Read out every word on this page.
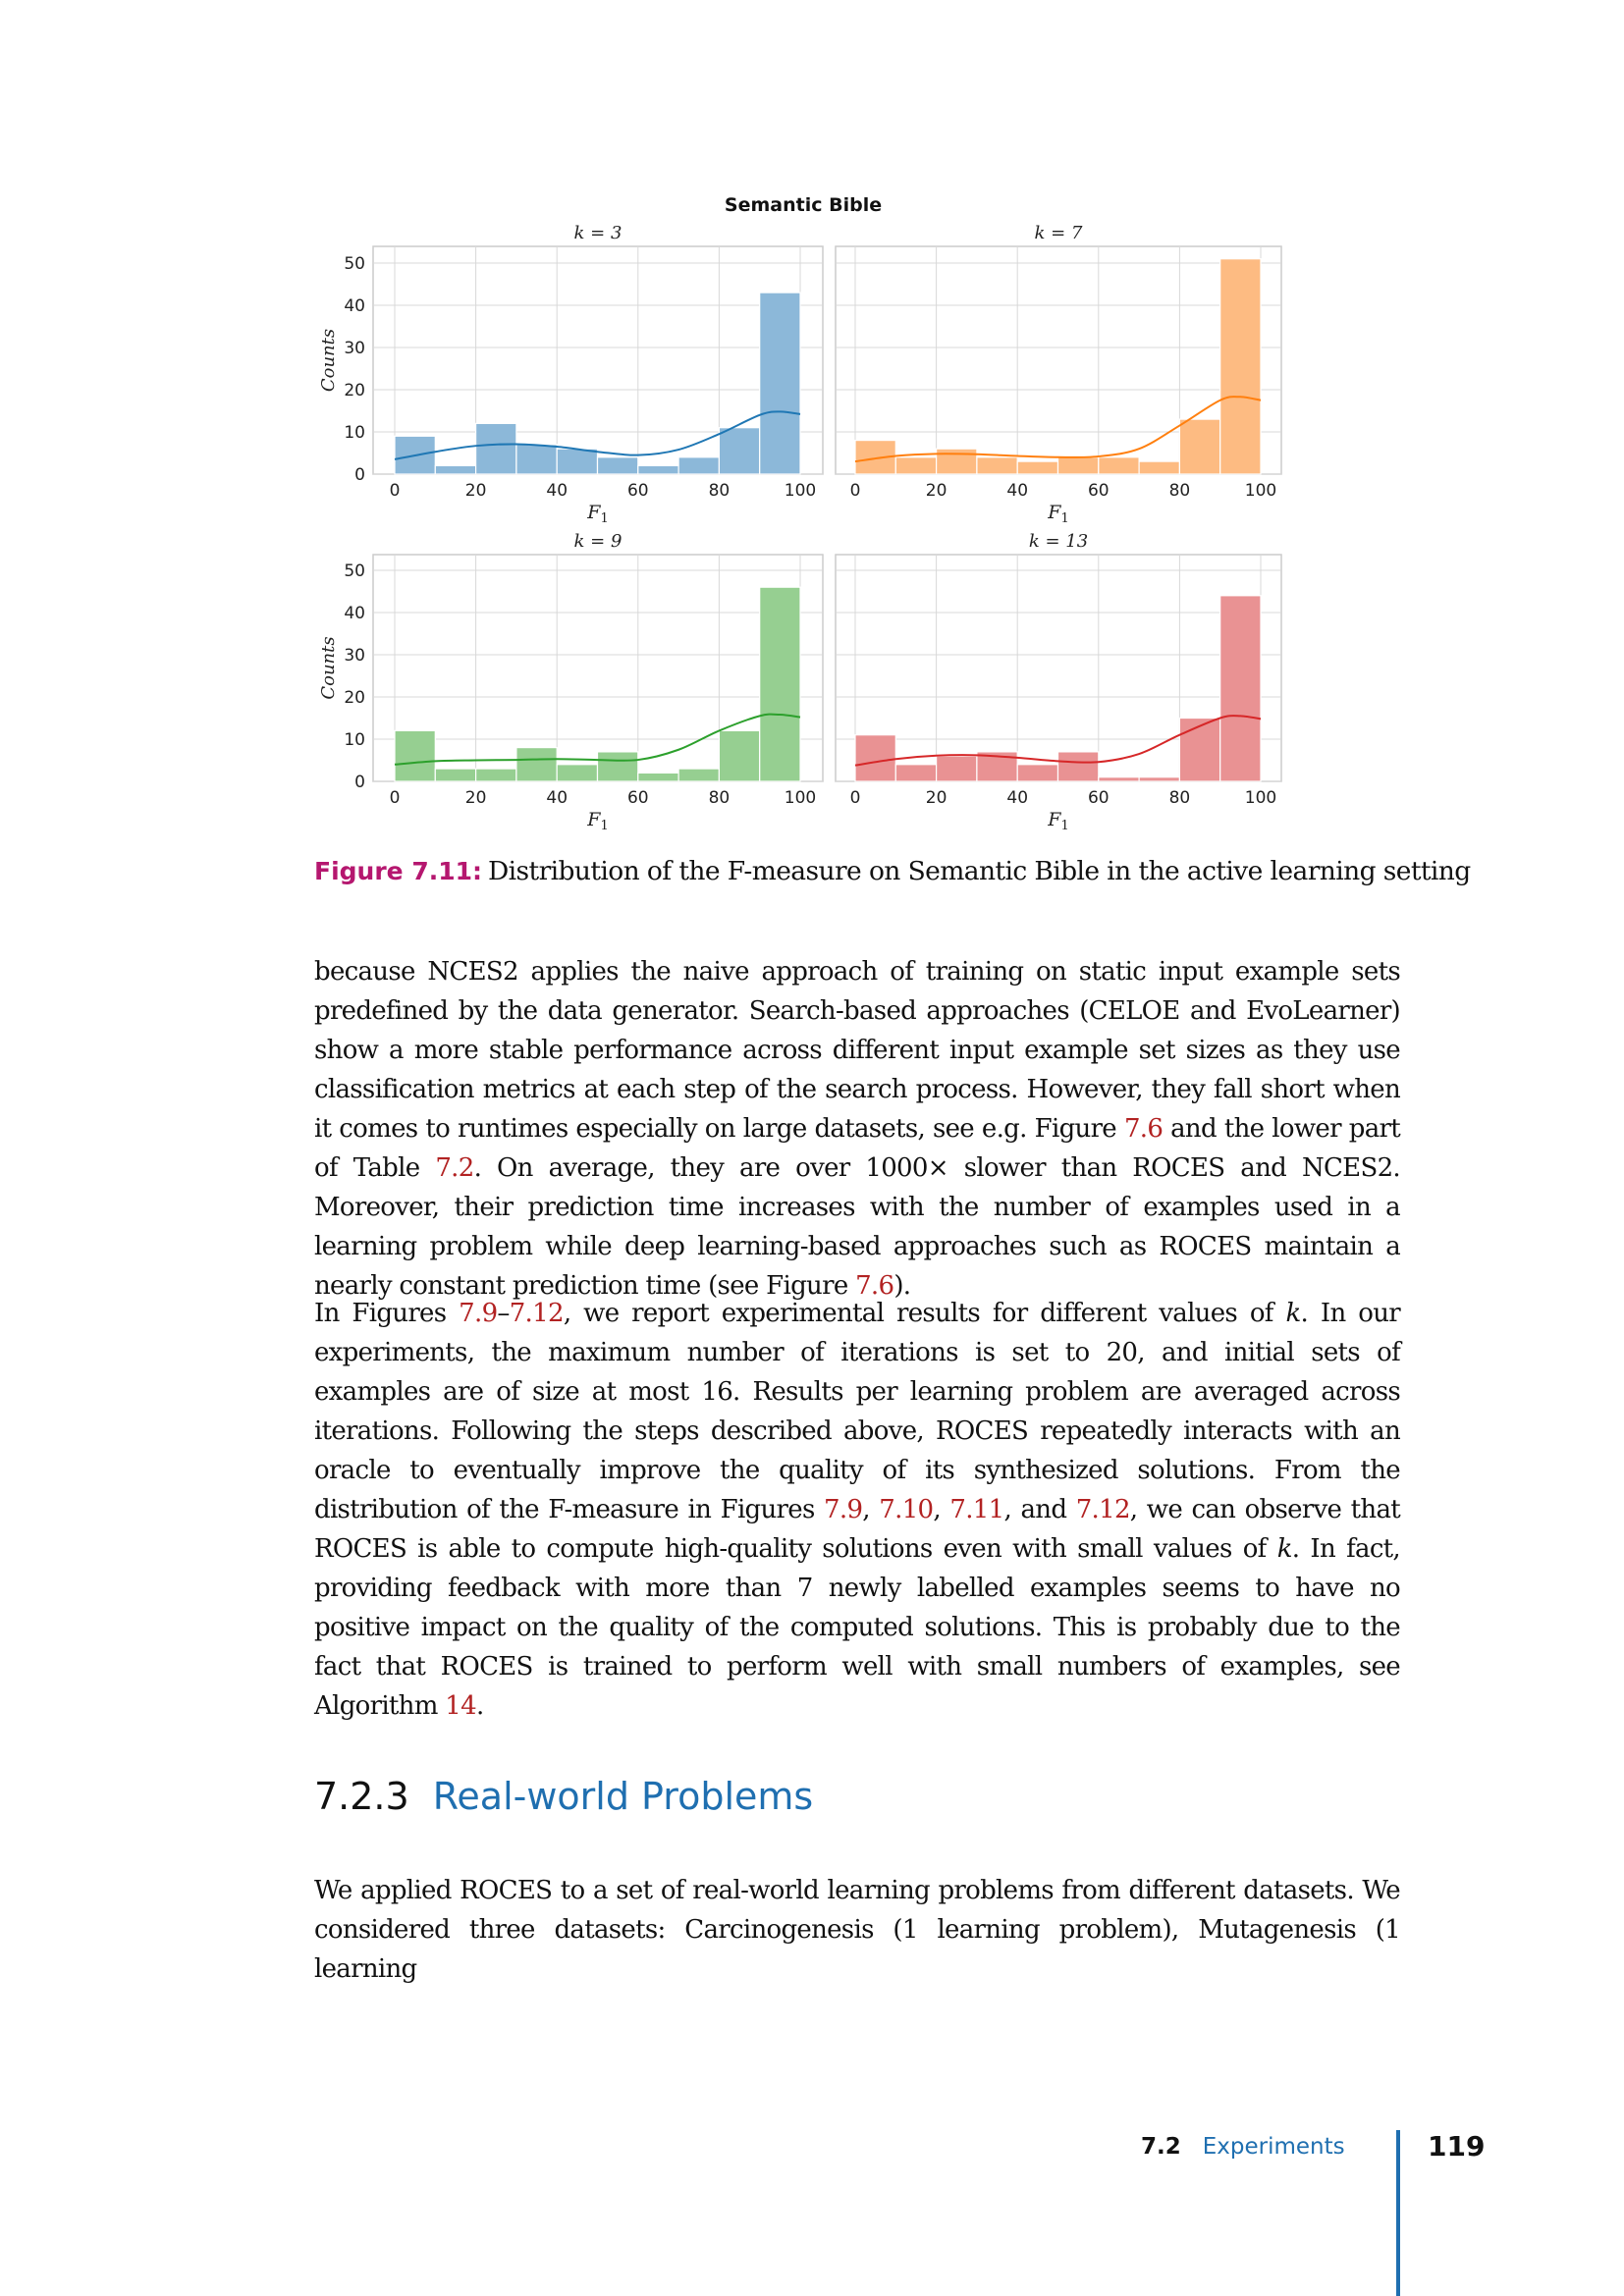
Semantic Bible
0	20	40	60	80	100
0
10
20
30
40
50
k = 3
$F_1$
Counts
0	20	40	60	80	100
k = 7
$F_1$
0	20	40	60	80	100
0
10
20
30
40
50
k = 9
$F_1$
Counts
0	20	40	60	80	100
k = 13
$F_1$
Figure 7.11: Distribution of the F-measure on Semantic Bible in the active learning setting
because NCES2 applies the naive approach of training on static input example sets predefined by the data generator. Search-based approaches (CELOE and EvoLearner) show a more stable performance across different input example set sizes as they use classification metrics at each step of the search process. However, they fall short when it comes to runtimes especially on large datasets, see e.g. Figure 7.6 and the lower part of Table 7.2. On average, they are over 1000× slower than ROCES and NCES2. Moreover, their prediction time increases with the number of examples used in a learning problem while deep learning-based approaches such as ROCES maintain a nearly constant prediction time (see Figure 7.6).
In Figures 7.9–7.12, we report experimental results for different values of k. In our experiments, the maximum number of iterations is set to 20, and initial sets of examples are of size at most 16. Results per learning problem are averaged across iterations. Following the steps described above, ROCES repeatedly interacts with an oracle to eventually improve the quality of its synthesized solutions. From the distribution of the F-measure in Figures 7.9, 7.10, 7.11, and 7.12, we can observe that ROCES is able to compute high-quality solutions even with small values of k. In fact, providing feedback with more than 7 newly labelled examples seems to have no positive impact on the quality of the computed solutions. This is probably due to the fact that ROCES is trained to perform well with small numbers of examples, see Algorithm 14.
7.2.3 Real-world Problems
We applied ROCES to a set of real-world learning problems from different datasets. We considered three datasets: Carcinogenesis (1 learning problem), Mutagenesis (1 learning
7.2 Experiments	119
